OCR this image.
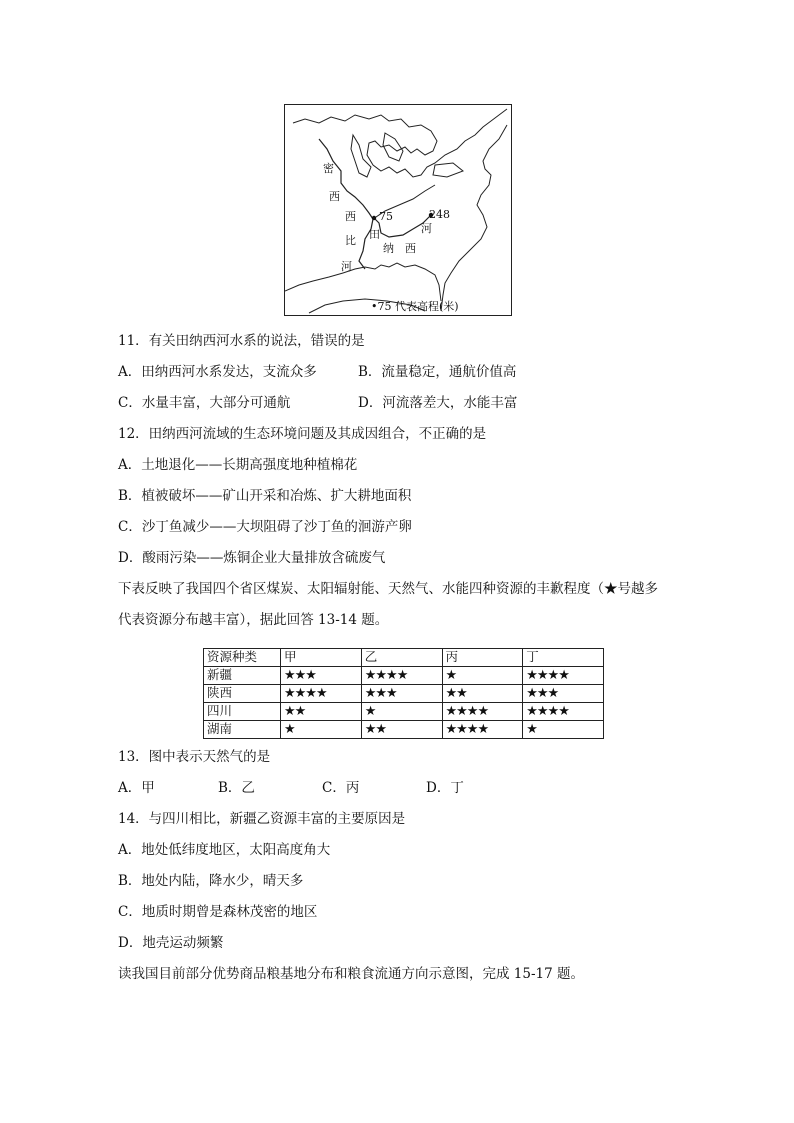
密
西
西
比
河
75	248
田
纳 西
河
•75 代表高程(米)
11．有关田纳西河水系的说法，错误的是
A．田纳西河水系发达，支流众多	B．流量稳定，通航价值高
C．水量丰富，大部分可通航	D．河流落差大，水能丰富
12．田纳西河流域的生态环境问题及其成因组合，不正确的是
A．土地退化——长期高强度地种植棉花
B．植被破坏——矿山开采和冶炼、扩大耕地面积
C．沙丁鱼减少——大坝阻碍了沙丁鱼的洄游产卵
D．酸雨污染——炼铜企业大量排放含硫废气
下表反映了我国四个省区煤炭、太阳辐射能、天然气、水能四种资源的丰歉程度（★号越多
代表资源分布越丰富），据此回答 13-14 题。
资源种类	甲	乙	丙	丁
新疆	★★★	★★★★	★	★★★★
陕西	★★★★	★★★	★★	★★★
四川	★★	★	★★★★	★★★★
湖南	★	★★	★★★★	★
13．图中表示天然气的是
A．甲	B．乙	C．丙	D．丁
14．与四川相比，新疆乙资源丰富的主要原因是
A．地处低纬度地区，太阳高度角大
B．地处内陆，降水少，晴天多
C．地质时期曾是森林茂密的地区
D．地壳运动频繁
读我国目前部分优势商品粮基地分布和粮食流通方向示意图，完成 15-17 题。
